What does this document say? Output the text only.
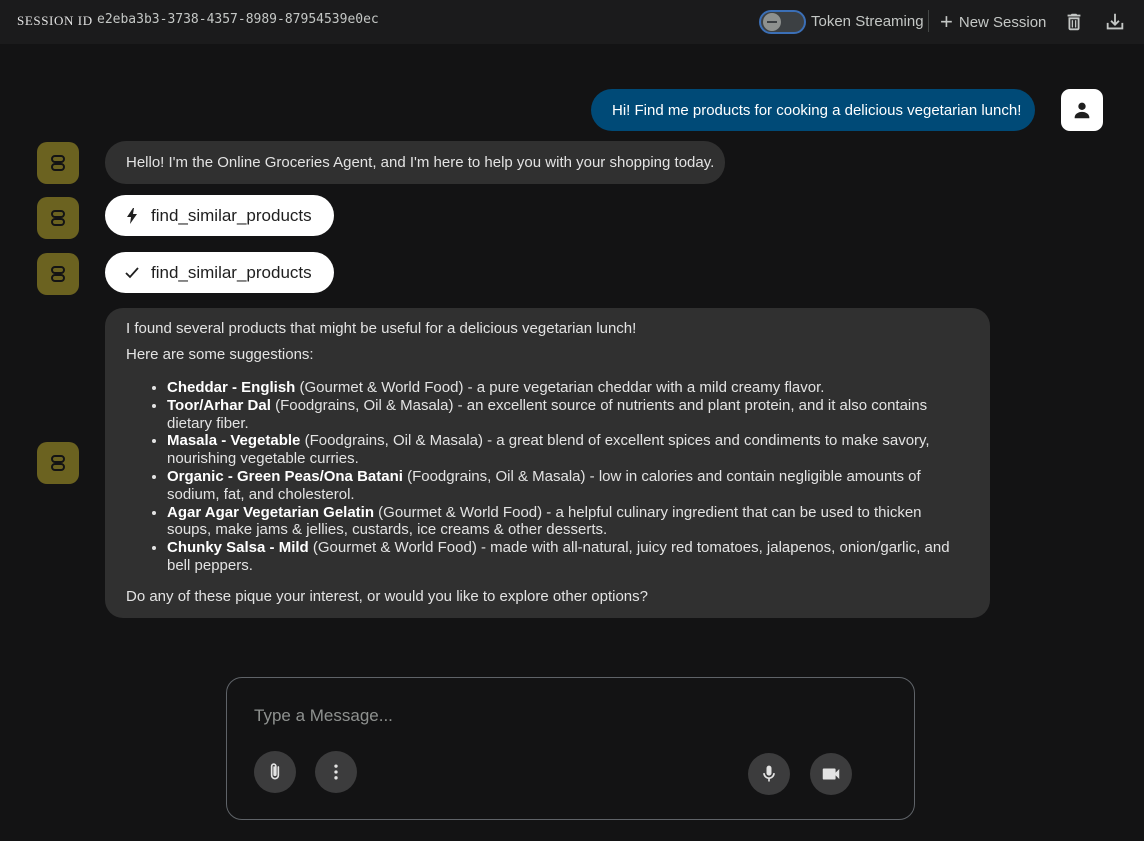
SESSION ID e2eba3b3-3738-4357-8989-87954539e0ec	Token Streaming + New Session
Hi! Find me products for cooking a delicious vegetarian lunch!
Hello! I'm the Online Groceries Agent, and I'm here to help you with your shopping today.
find_similar_products
find_similar_products

I found several products that might be useful for a delicious vegetarian lunch!

Here are some suggestions:

• Cheddar - English (Gourmet & World Food) - a pure vegetarian cheddar with a mild creamy flavor.
• Toor/Arhar Dal (Foodgrains, Oil & Masala) - an excellent source of nutrients and plant protein, and it also contains dietary fiber.
• Masala - Vegetable (Foodgrains, Oil & Masala) - a great blend of excellent spices and condiments to make savory, nourishing vegetable curries.
• Organic - Green Peas/Ona Batani (Foodgrains, Oil & Masala) - low in calories and contain negligible amounts of sodium, fat, and cholesterol.
• Agar Agar Vegetarian Gelatin (Gourmet & World Food) - a helpful culinary ingredient that can be used to thicken soups, make jams & jellies, custards, ice creams & other desserts.
• Chunky Salsa - Mild (Gourmet & World Food) - made with all-natural, juicy red tomatoes, jalapenos, onion/garlic, and bell peppers.

Do any of these pique your interest, or would you like to explore other options?

Type a Message...
